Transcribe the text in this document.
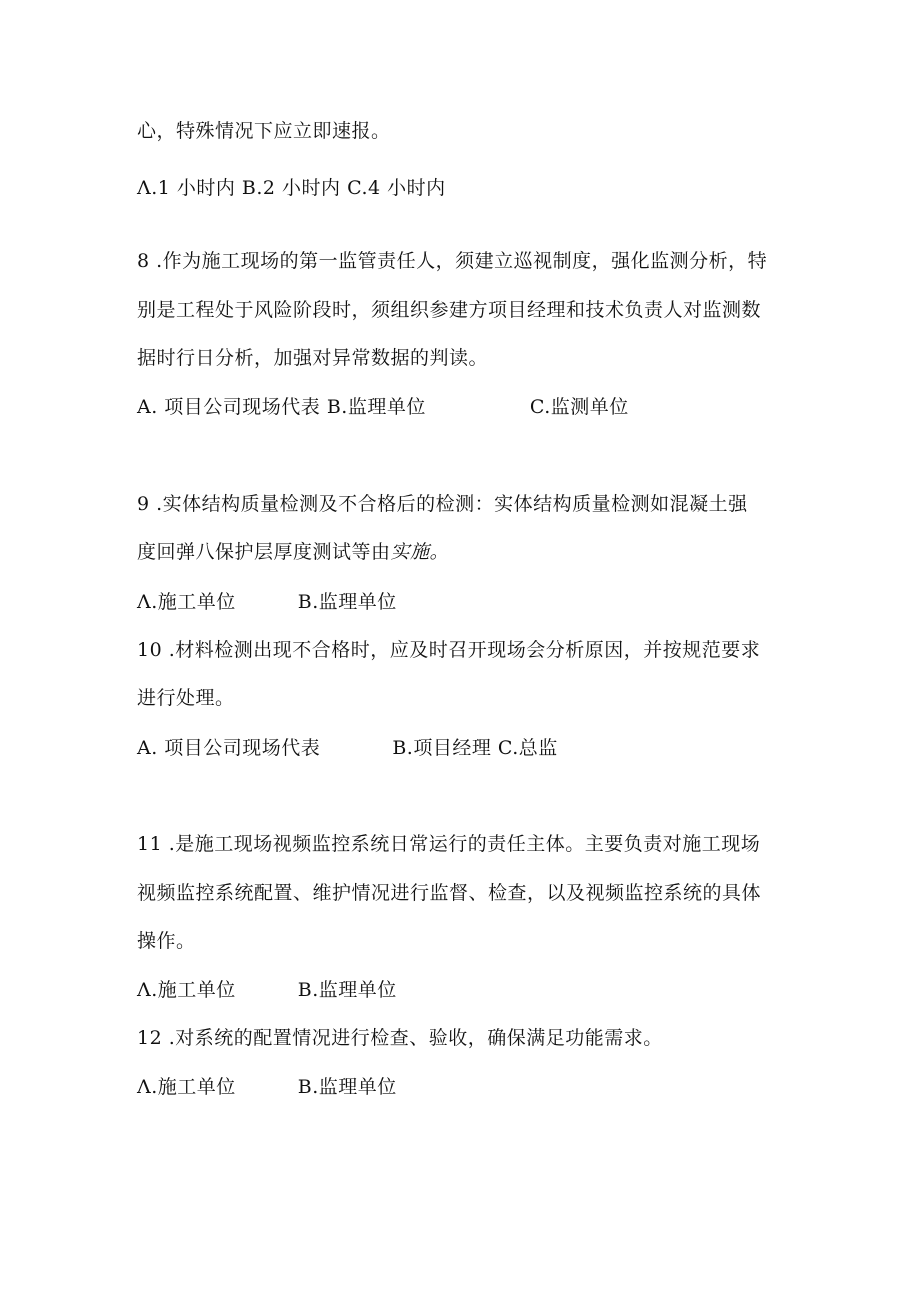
心，特殊情况下应立即速报。
Λ.1 小时内 B.2 小时内 C.4 小时内
8 .作为施工现场的第一监管责任人，须建立巡视制度，强化监测分析，特
别是工程处于风险阶段时，须组织参建方项目经理和技术负责人对监测数
据时行日分析，加强对异常数据的判读。
A. 项目公司现场代表 B.监理单位	C.监测单位
9 .实体结构质量检测及不合格后的检测：实体结构质量检测如混凝土强
度回弹八保护层厚度测试等由实施。
Λ.施工单位	B.监理单位
10 .材料检测出现不合格时，应及时召开现场会分析原因，并按规范要求
进行处理。
A. 项目公司现场代表	B.项目经理 C.总监
11 .是施工现场视频监控系统日常运行的责任主体。主要负责对施工现场
视频监控系统配置、维护情况进行监督、检查，以及视频监控系统的具体
操作。
Λ.施工单位	B.监理单位
12 .对系统的配置情况进行检查、验收，确保满足功能需求。
Λ.施工单位	B.监理单位
